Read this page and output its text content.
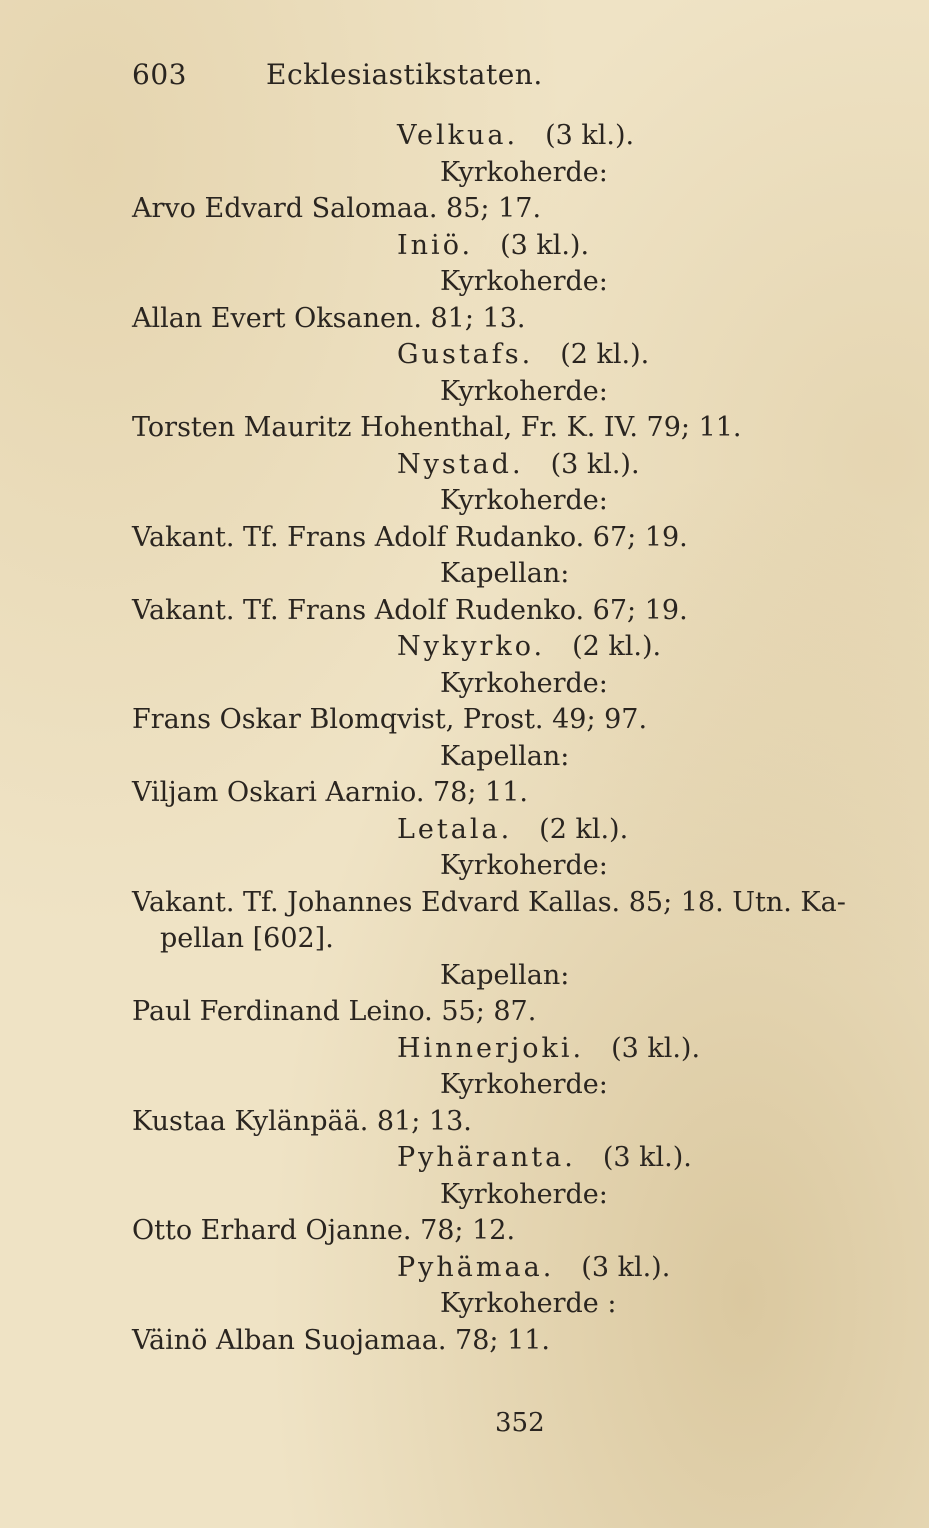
603	Ecklesiastikstaten.
Velkua.  (3 kl.).
Kyrkoherde:
Arvo Edvard Salomaa. 85; 17.
Iniö.  (3 kl.).
Kyrkoherde:
Allan Evert Oksanen. 81; 13.
Gustafs.  (2 kl.).
Kyrkoherde:
Torsten Mauritz Hohenthal, Fr. K. IV. 79; 11.
Nystad.  (3 kl.).
Kyrkoherde:
Vakant. Tf. Frans Adolf Rudanko. 67; 19.
Kapellan:
Vakant. Tf. Frans Adolf Rudenko. 67; 19.
Nykyrko.  (2 kl.).
Kyrkoherde:
Frans Oskar Blomqvist, Prost. 49; 97.
Kapellan:
Viljam Oskari Aarnio. 78; 11.
Letala.  (2 kl.).
Kyrkoherde:
Vakant. Tf. Johannes Edvard Kallas. 85; 18. Utn. Ka-
pellan [602].
Kapellan:
Paul Ferdinand Leino. 55; 87.
Hinnerjoki.  (3 kl.).
Kyrkoherde:
Kustaa Kylänpää. 81; 13.
Pyhäranta.  (3 kl.).
Kyrkoherde:
Otto Erhard Ojanne. 78; 12.
Pyhämaa.  (3 kl.).
Kyrkoherde :
Väinö Alban Suojamaa. 78; 11.
352
